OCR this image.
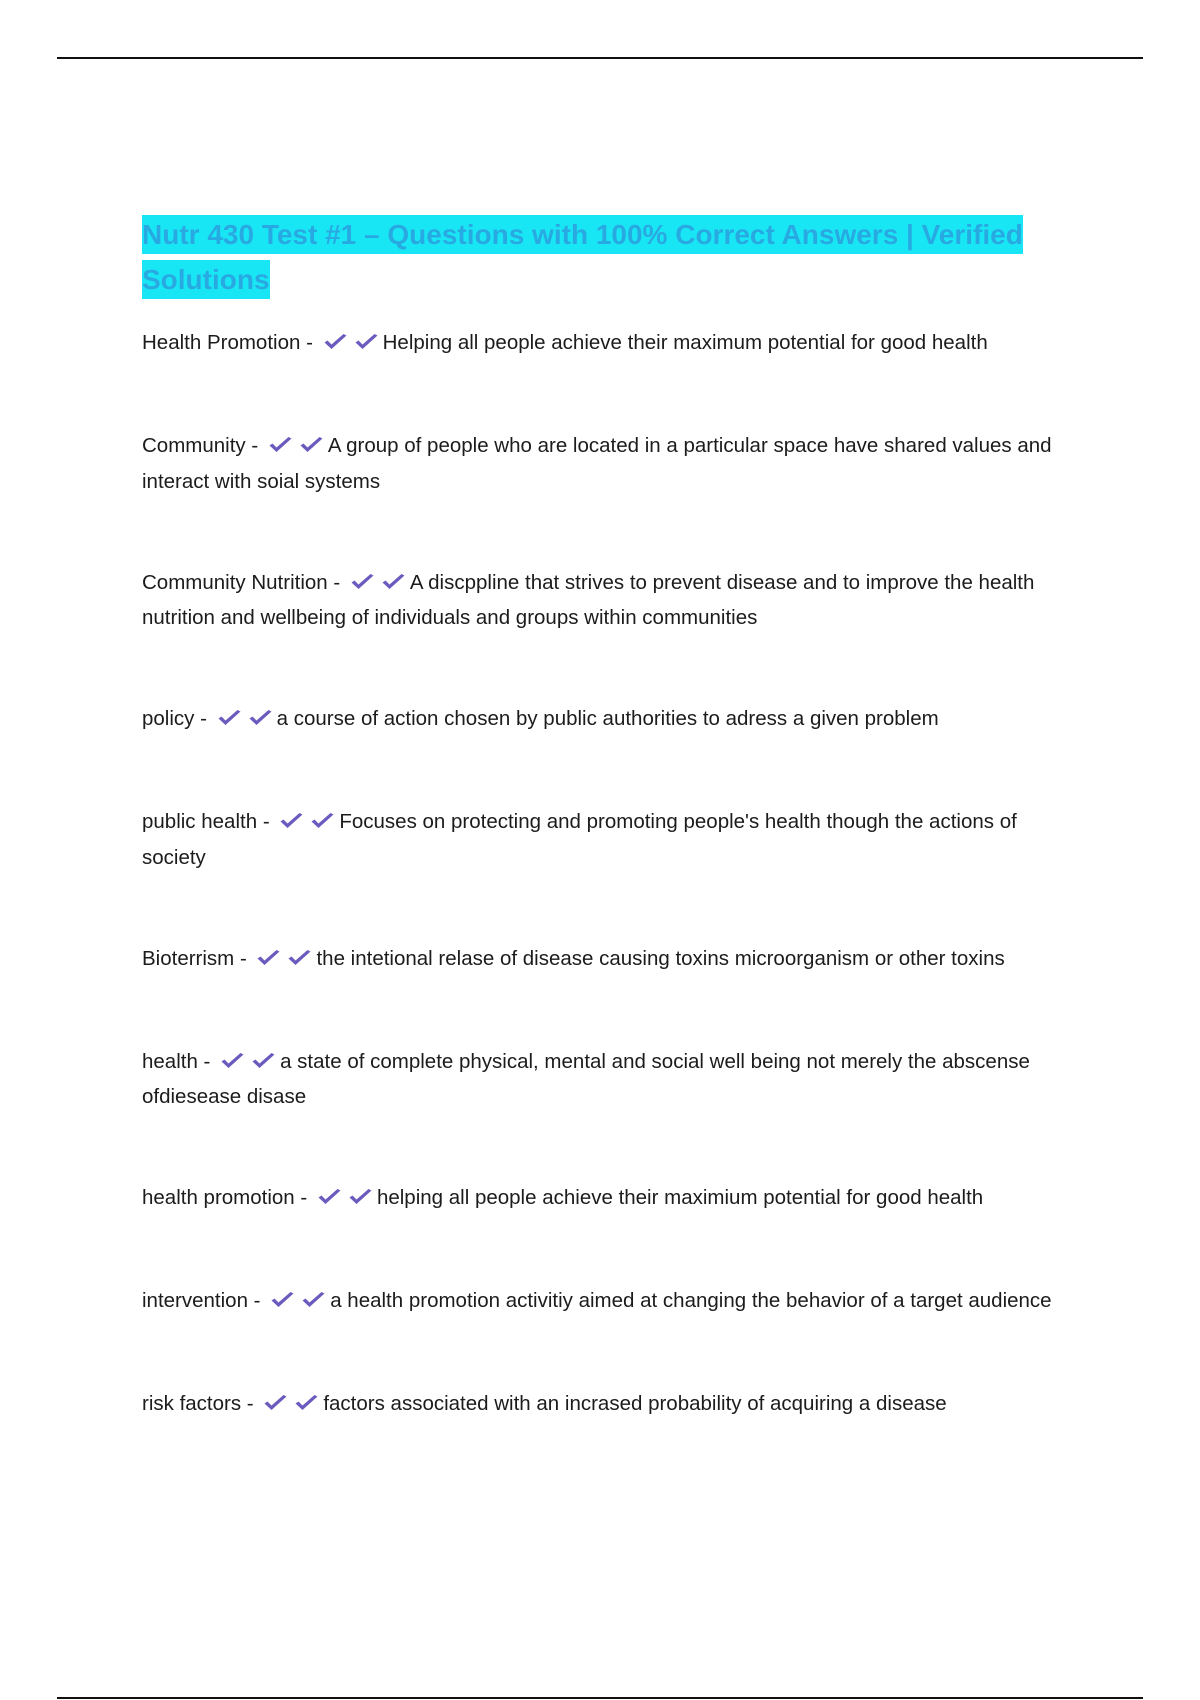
Nutr 430 Test #1 – Questions with 100% Correct Answers | Verified Solutions
Health Promotion -	Helping all people achieve their maximum potential for good health
Community -	A group of people who are located in a particular space have shared values and interact with soial systems
Community Nutrition -	A discppline that strives to prevent disease and to improve the health nutrition and wellbeing of individuals and groups within communities
policy -	a course of action chosen by public authorities to adress a given problem
public health -	Focuses on protecting and promoting people's health though the actions of society
Bioterrism -	the intetional relase of disease causing toxins microorganism or other toxins
health -	a state of complete physical, mental and social well being not merely the abscense ofdiesease disase
health promotion -	helping all people achieve their maximium potential for good health
intervention -	a health promotion activitiy aimed at changing the behavior of a target audience
risk factors -	factors associated with an incrased probability of acquiring a disease
